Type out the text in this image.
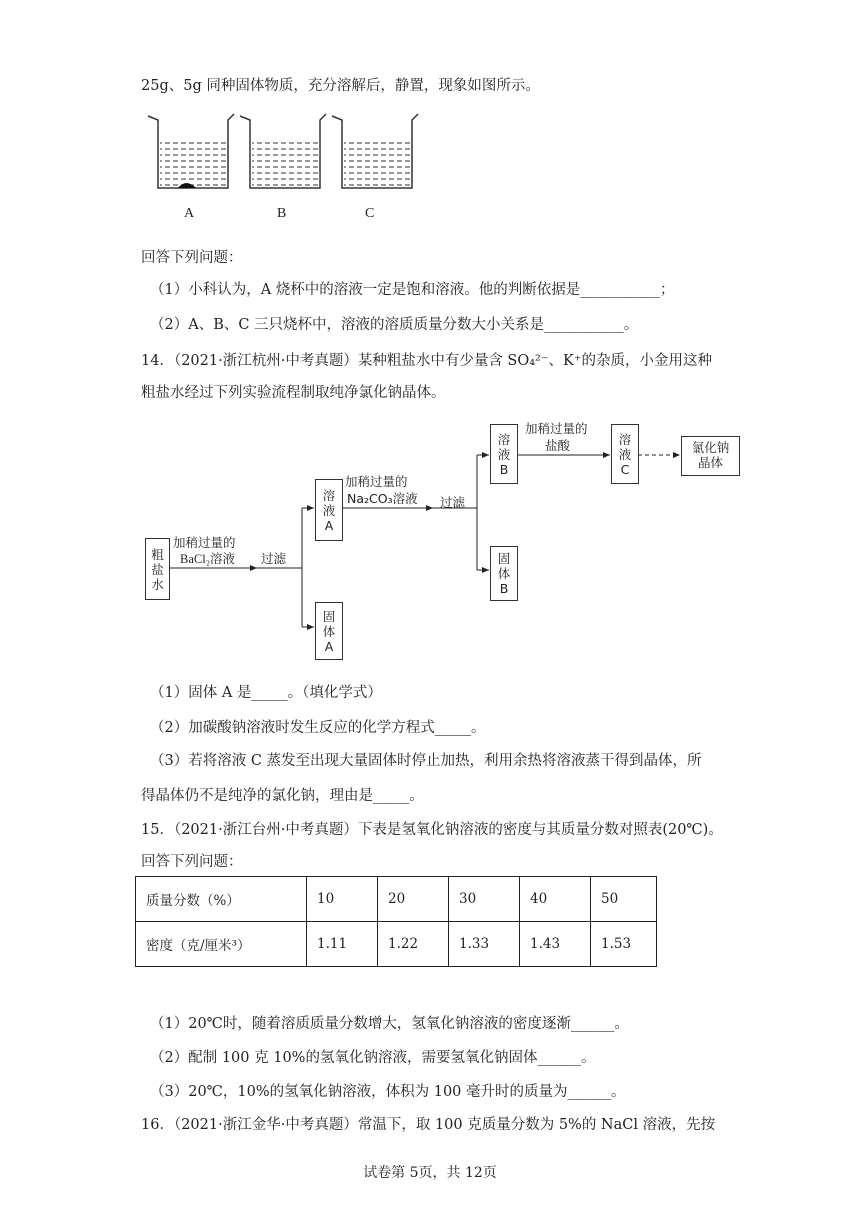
25g、5g 同种固体物质，充分溶解后，静置，现象如图所示。
A	B	C
回答下列问题：
（1）小科认为，A 烧杯中的溶液一定是饱和溶液。他的判断依据是___________；
（2）A、B、C 三只烧杯中，溶液的溶质质量分数大小关系是___________。
14．（2021·浙江杭州·中考真题）某种粗盐水中有少量含 SO₄²⁻、K⁺的杂质，小金用这种
粗盐水经过下列实验流程制取纯净氯化钠晶体。
粗
盐
水
加稍过量的
BaCl₂溶液 过滤
溶
液
A
固
体
A
加稍过量的
Na₂CO₃溶液 过滤
溶
液
B
固
体
B
加稍过量的
盐酸	溶
液
C
氯化钠
晶体
（1）固体 A 是_____。（填化学式）
（2）加碳酸钠溶液时发生反应的化学方程式_____。
（3）若将溶液 C 蒸发至出现大量固体时停止加热，利用余热将溶液蒸干得到晶体，所
得晶体仍不是纯净的氯化钠，理由是_____。
15．（2021·浙江台州·中考真题）下表是氢氧化钠溶液的密度与其质量分数对照表(20℃)。
回答下列问题：
质量分数（%）	10	20	30	40	50
密度（克/厘米³）	1.11	1.22	1.33	1.43	1.53
（1）20℃时，随着溶质质量分数增大，氢氧化钠溶液的密度逐渐______。
（2）配制 100 克 10%的氢氧化钠溶液，需要氢氧化钠固体______。
（3）20℃，10%的氢氧化钠溶液，体积为 100 毫升时的质量为______。
16．（2021·浙江金华·中考真题）常温下，取 100 克质量分数为 5%的 NaCl 溶液，先按
试卷第 5页，共 12页
